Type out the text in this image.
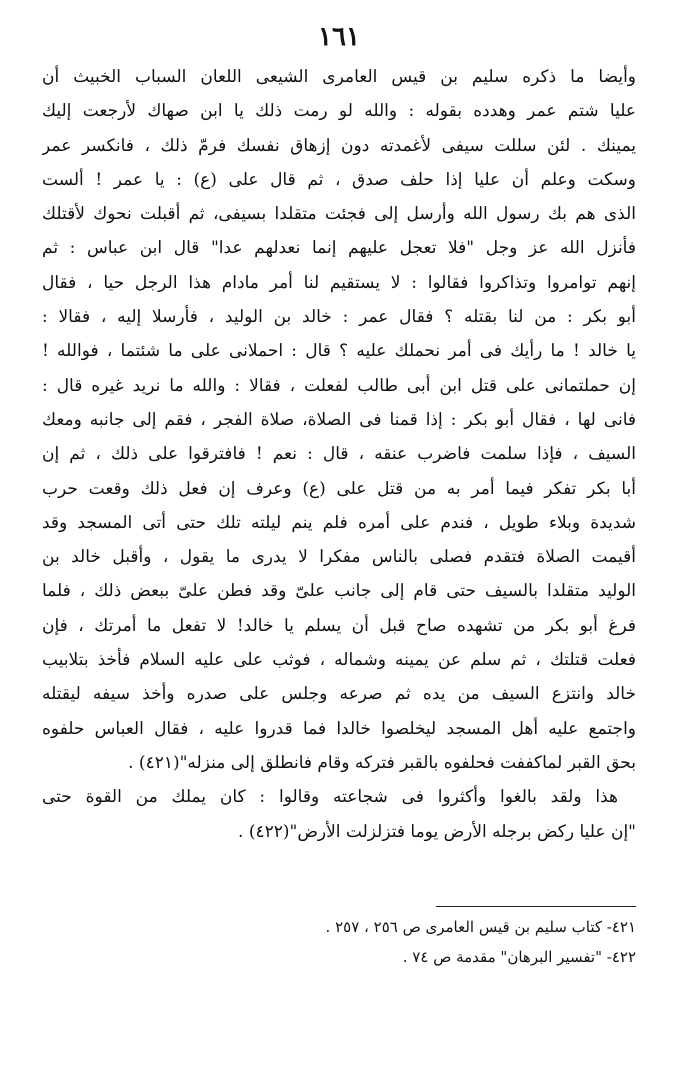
١٦١
وأيضا ما ذكره سليم بن قيس العامرى الشيعى اللعان السباب الخبيث أن
عليا شتم عمر وهدده بقوله : والله لو رمت ذلك يا ابن صهاك لأرجعت إليك
يمينك . لئن سللت سيفى لأغمدته دون إزهاق نفسك فرمّ ذلك ، فانكسر عمر
وسكت وعلم أن عليا إذا حلف صدق ، ثم قال على (ع) : يا عمر ! ألست
الذى هم بك رسول الله وأرسل إلى فجئت متقلدا بسيفى، ثم أقبلت نحوك لأقتلك
فأنزل الله عز وجل "فلا تعجل عليهم إنما نعدلهم عدا" قال ابن عباس : ثم
إنهم توامروا وتذاكروا فقالوا : لا يستقيم لنا أمر مادام هذا الرجل حيا ، فقال
أبو بكر : من لنا بقتله ؟ فقال عمر : خالد بن الوليد ، فأرسلا إليه ، فقالا :
يا خالد ! ما رأيك فى أمر نحملك عليه ؟ قال : احملانى على ما شئتما ، فوالله !
إن حملتمانى على قتل ابن أبى طالب لفعلت ، فقالا : والله ما نريد غيره قال :
فانى لها ، فقال أبو بكر : إذا قمنا فى الصلاة، صلاة الفجر ، فقم إلى جانبه ومعك
السيف ، فإذا سلمت فاضرب عنقه ، قال : نعم ! فافترقوا على ذلك ، ثم إن
أبا بكر تفكر فيما أمر به من قتل على (ع) وعرف إن فعل ذلك وقعت حرب
شديدة وبلاء طويل ، فندم على أمره فلم ينم ليلته تلك حتى أتى المسجد وقد
أقيمت الصلاة فتقدم فصلى بالناس مفكرا لا يدرى ما يقول ، وأقبل خالد بن
الوليد متقلدا بالسيف حتى قام إلى جانب علىّ وقد فطن علىّ ببعض ذلك ، فلما
فرغ أبو بكر من تشهده صاح قبل أن يسلم يا خالد! لا تفعل ما أمرتك ، فإن
فعلت قتلتك ، ثم سلم عن يمينه وشماله ، فوثب على عليه السلام فأخذ بتلابيب
خالد وانتزع السيف من يده ثم صرعه وجلس على صدره وأخذ سيفه ليقتله
واجتمع عليه أهل المسجد ليخلصوا خالدا فما قدروا عليه ، فقال العباس حلفوه
بحق القبر لماكففت فحلفوه بالقبر فتركه وقام فانطلق إلى منزله"(٤٢١) .
هذا ولقد بالغوا وأكثروا فى شجاعته وقالوا : كان يملك من القوة حتى
"إن عليا ركض برجله الأرض يوما فتزلزلت الأرض"(٤٢٢) .
٤٢١- كتاب سليم بن قيس العامرى ص ٢٥٦ ، ٢٥٧ .
٤٢٢- "تفسير البرهان" مقدمة ص ٧٤ .
